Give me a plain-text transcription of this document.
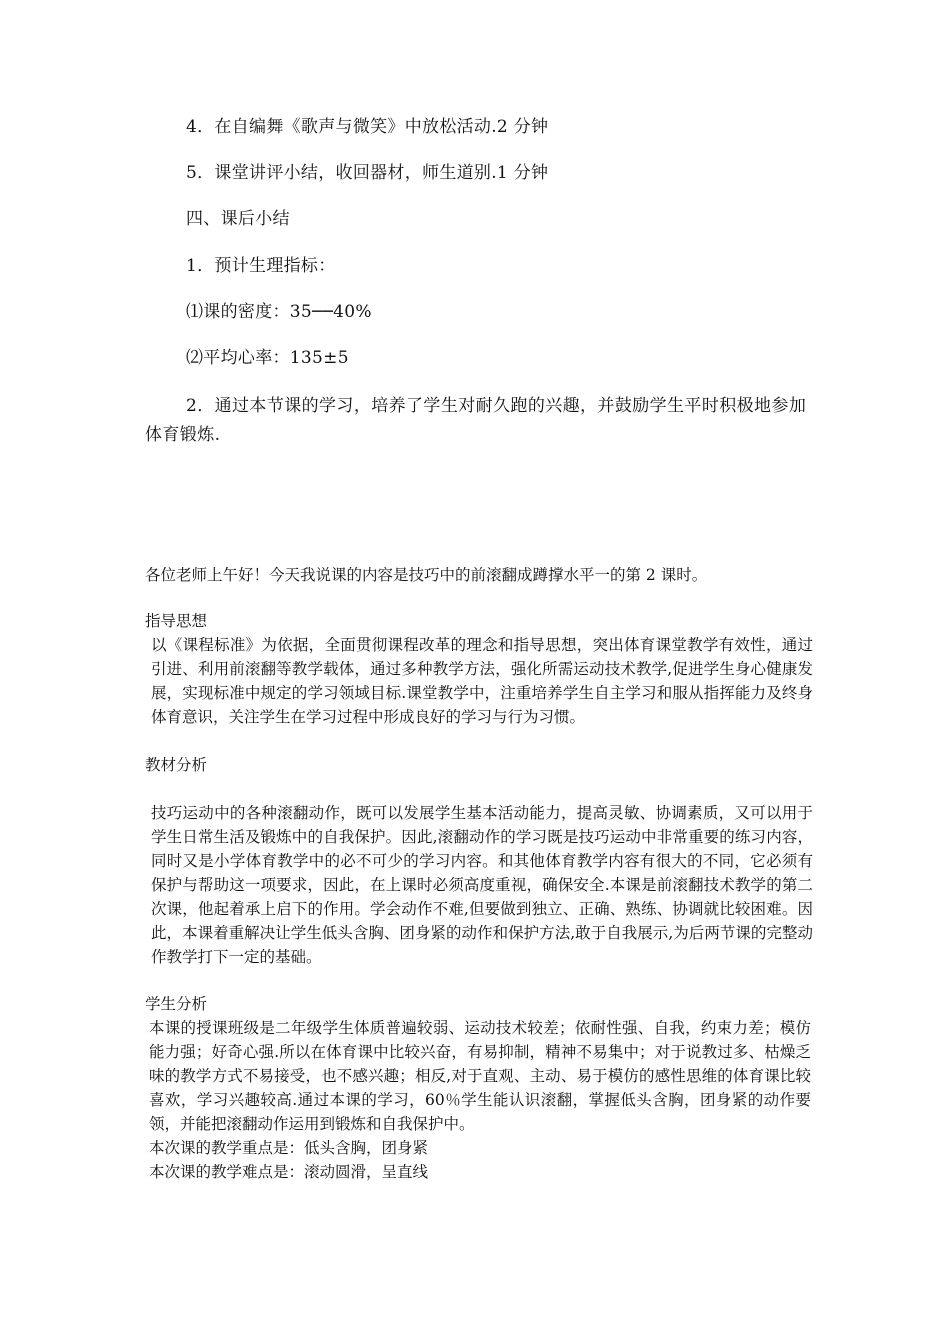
4．在自编舞《歌声与微笑》中放松活动.2 分钟
5．课堂讲评小结，收回器材，师生道别.1 分钟
四、课后小结
1．预计生理指标：
⑴课的密度：35──40%
⑵平均心率：135±5
2．通过本节课的学习，培养了学生对耐久跑的兴趣，并鼓励学生平时积极地参加体育锻炼.
各位老师上午好！今天我说课的内容是技巧中的前滚翻成蹲撑水平一的第 2 课时。
指导思想
以《课程标准》为依据，全面贯彻课程改革的理念和指导思想，突出体育课堂教学有效性，通过引进、利用前滚翻等教学载体，通过多种教学方法，强化所需运动技术教学,促进学生身心健康发展，实现标准中规定的学习领域目标.课堂教学中，注重培养学生自主学习和服从指挥能力及终身体育意识，关注学生在学习过程中形成良好的学习与行为习惯。
教材分析
技巧运动中的各种滚翻动作，既可以发展学生基本活动能力，提高灵敏、协调素质，又可以用于学生日常生活及锻炼中的自我保护。因此,滚翻动作的学习既是技巧运动中非常重要的练习内容，同时又是小学体育教学中的必不可少的学习内容。和其他体育教学内容有很大的不同，它必须有保护与帮助这一项要求，因此，在上课时必须高度重视，确保安全.本课是前滚翻技术教学的第二次课，他起着承上启下的作用。学会动作不难,但要做到独立、正确、熟练、协调就比较困难。因此，本课着重解决让学生低头含胸、团身紧的动作和保护方法,敢于自我展示,为后两节课的完整动作教学打下一定的基础。
学生分析
本课的授课班级是二年级学生体质普遍较弱、运动技术较差；依耐性强、自我，约束力差；模仿能力强；好奇心强.所以在体育课中比较兴奋，有易抑制，精神不易集中；对于说教过多、枯燥乏味的教学方式不易接受，也不感兴趣；相反,对于直观、主动、易于模仿的感性思维的体育课比较喜欢，学习兴趣较高.通过本课的学习，60％学生能认识滚翻，掌握低头含胸，团身紧的动作要领，并能把滚翻动作运用到锻炼和自我保护中。
本次课的教学重点是：低头含胸，团身紧
本次课的教学难点是：滚动圆滑，呈直线
